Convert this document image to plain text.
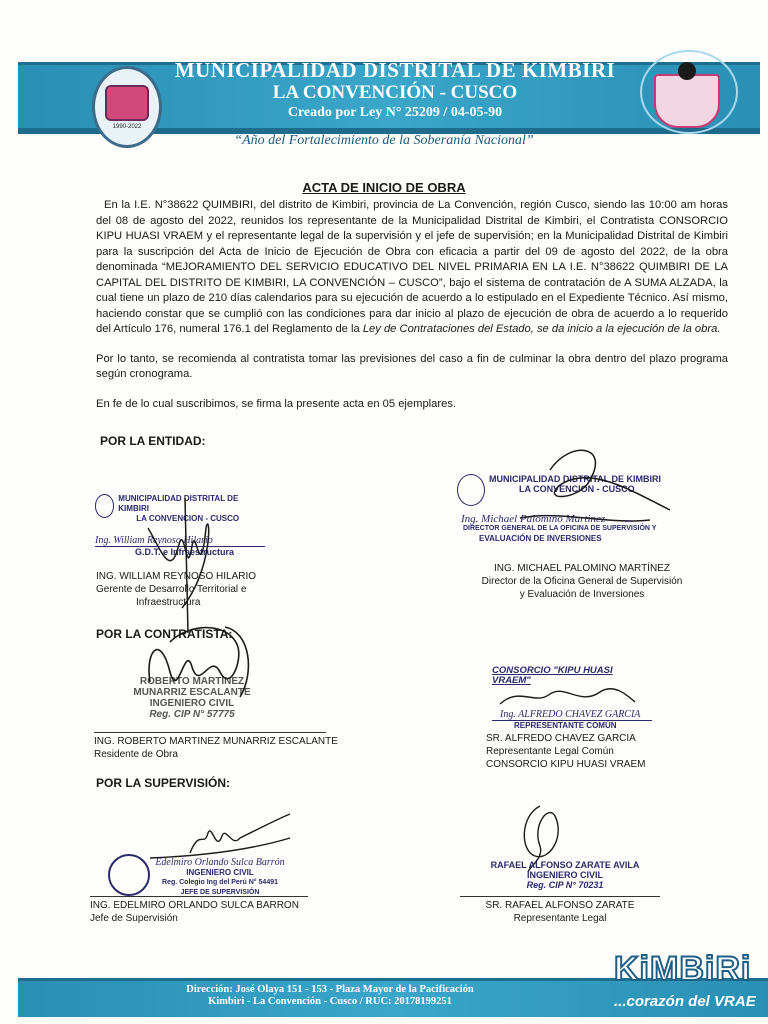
1990-2022
MUNICIPALIDAD DISTRITAL DE KIMBIRI
LA CONVENCIÓN - CUSCO
Creado por Ley N° 25209 / 04-05-90
REPÚBLICA DEL PERÚ
“Año del Fortalecimiento de la Soberanía Nacional”
ACTA DE INICIO DE OBRA

En la I.E. N°38622 QUIMBIRI, del distrito de Kimbiri, provincia de La Convención, región Cusco, siendo las 10:00 am horas del 08 de agosto del 2022, reunidos los representante de la Municipalidad Distrital de Kimbiri, el Contratista CONSORCIO KIPU HUASI VRAEM y el representante legal de la supervisión y el jefe de supervisión; en la Municipalidad Distrital de Kimbiri para la suscripción del Acta de Inicio de Ejecución de Obra con eficacia a partir del 09 de agosto del 2022, de la obra denominada “MEJORAMIENTO DEL SERVICIO EDUCATIVO DEL NIVEL PRIMARIA EN LA I.E. N°38622 QUIMBIRI DE LA CAPITAL DEL DISTRITO DE KIMBIRI, LA CONVENCIÓN – CUSCO”, bajo el sistema de contratación de A SUMA ALZADA, la cual tiene un plazo de 210 días calendarios para su ejecución de acuerdo a lo estipulado en el Expediente Técnico. Así mismo, haciendo constar que se cumplió con las condiciones para dar inicio al plazo de ejecución de obra de acuerdo a lo requerido del Artículo 176, numeral 176.1 del Reglamento de la Ley de Contrataciones del Estado, se da inicio a la ejecución de la obra.

Por lo tanto, se recomienda al contratista tomar las previsiones del caso a fin de culminar la obra dentro del plazo programa según cronograma.

En fe de lo cual suscribimos, se firma la presente acta en 05 ejemplares.

POR LA ENTIDAD:
MUNICIPALIDAD DISTRITAL DE KIMBIRI
LA CONVENCION - CUSCO
Ing. William Reynoso Hilario
G.D.T. e Infraestructura
ING. WILLIAM REYNOSO HILARIO
Gerente de Desarrollo Territorial e
Infraestructura
MUNICIPALIDAD DISTRITAL DE KIMBIRI
LA CONVENCION - CUSCO
Ing. Michael Palomino Martinez
DIRECTOR GENERAL DE LA OFICINA DE SUPERVISIÓN Y
EVALUACIÓN DE INVERSIONES
ING. MICHAEL PALOMINO MARTÍNEZ
Director de la Oficina General de Supervisión
y Evaluación de Inversiones
POR LA CONTRATISTA:
ROBERTO MARTINEZ
MUNARRIZ ESCALANTE
INGENIERO CIVIL
Reg. CIP N° 57775
ING. ROBERTO MARTINEZ MUNARRIZ ESCALANTE
Residente de Obra
CONSORCIO "KIPU HUASI VRAEM"
Ing. ALFREDO CHAVEZ GARCIA
REPRESENTANTE COMÚN
SR. ALFREDO CHAVEZ GARCIA
Representante Legal Común
CONSORCIO KIPU HUASI VRAEM
POR LA SUPERVISIÓN:
Edelmiro Orlando Sulca Barrón
INGENIERO CIVIL
Reg. Colegio Ing del Perú N° 54491
JEFE DE SUPERVISIÓN
ING. EDELMIRO ORLANDO SULCA BARRON
Jefe de Supervisión
RAFAEL ALFONSO ZARATE AVILA
INGENIERO CIVIL
Reg. CIP N° 70231
SR. RAFAEL ALFONSO ZARATE
Representante Legal
Dirección: José Olaya 151 - 153 - Plaza Mayor de la Pacificación
Kimbiri - La Convención - Cusco / RUC: 20178199251
KiMBiRi
...corazón del VRAE
